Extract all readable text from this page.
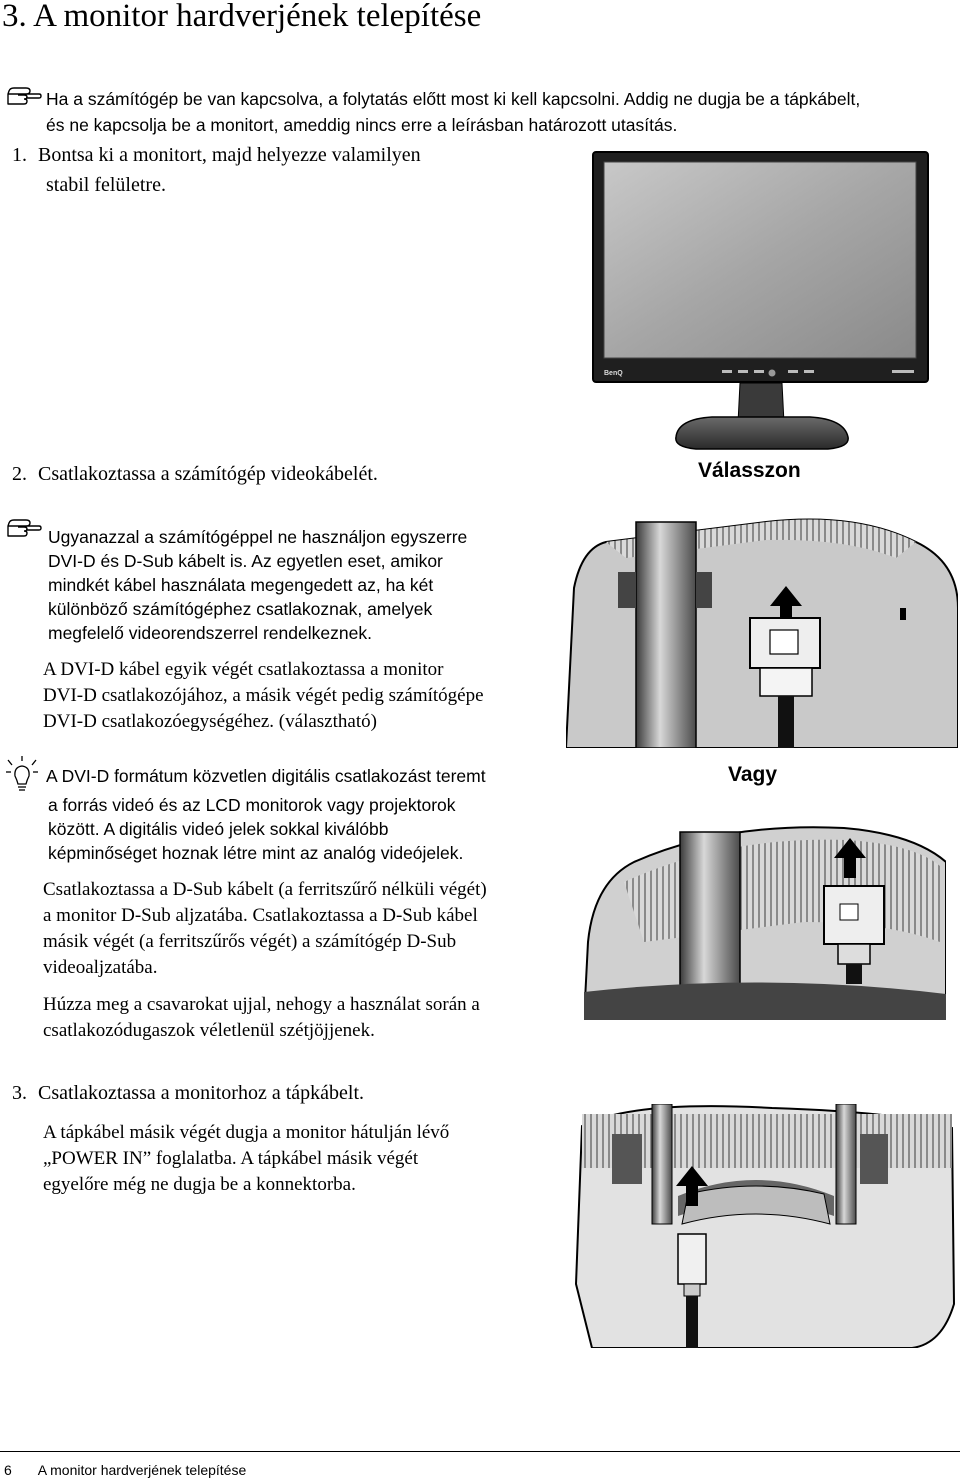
3. A monitor hardverjének telepítése
Ha a számítógép be van kapcsolva, a folytatás előtt most ki kell kapcsolni. Addig ne dugja be a tápkábelt,
és ne kapcsolja be a monitort, ameddig nincs erre a leírásban határozott utasítás.
1. Bontsa ki a monitort, majd helyezze valamilyen
stabil felületre.
BenQ
2. Csatlakoztassa a számítógép videokábelét.	Válasszon
Ugyanazzal a számítógéppel ne használjon egyszerre
DVI-D és D-Sub kábelt is. Az egyetlen eset, amikor
mindkét kábel használata megengedett az, ha két
különböző számítógéphez csatlakoznak, amelyek
megfelelő videorendszerrel rendelkeznek.
A DVI-D kábel egyik végét csatlakoztassa a monitor
DVI-D csatlakozójához, a másik végét pedig számítógépe
DVI-D csatlakozóegységéhez. (választható)
A DVI-D formátum közvetlen digitális csatlakozást teremt
a forrás videó és az LCD monitorok vagy projektorok
között. A digitális videó jelek sokkal kiválóbb
képminőséget hoznak létre mint az analóg videójelek.
Vagy
Csatlakoztassa a D-Sub kábelt (a ferritszűrő nélküli végét)
a monitor D-Sub aljzatába. Csatlakoztassa a D-Sub kábel
másik végét (a ferritszűrős végét) a számítógép D-Sub
videoaljzatába.
Húzza meg a csavarokat ujjal, nehogy a használat során a
csatlakozódugaszok véletlenül szétjöjjenek.
3. Csatlakoztassa a monitorhoz a tápkábelt.
A tápkábel másik végét dugja a monitor hátulján lévő
„POWER IN” foglalatba. A tápkábel másik végét
egyelőre még ne dugja be a konnektorba.
6 A monitor hardverjének telepítése
